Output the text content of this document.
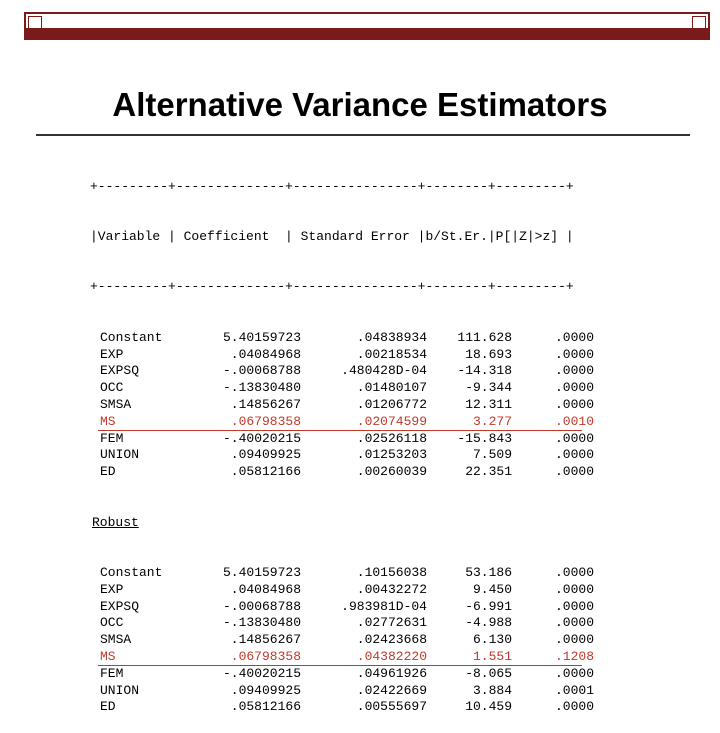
Alternative Variance Estimators

+---------+--------------+----------------+--------+---------+

|Variable | Coefficient  | Standard Error |b/St.Er.|P[|Z|>z] |

+---------+--------------+----------------+--------+---------+

Constant	5.40159723	.04838934 111.628	.0000
EXP	.04084968	.00218534	18.693	.0000
EXPSQ	-.00068788	.480428D-04 -14.318	.0000
OCC	-.13830480	.01480107	-9.344	.0000
SMSA	.14856267	.01206772	12.311	.0000
MS	.06798358	.02074599	3.277	.0010
FEM	-.40020215	.02526118 -15.843	.0000
UNION	.09409925	.01253203	7.509	.0000
ED	.05812166	.00260039	22.351	.0000

Robust

Constant	5.40159723	.10156038	53.186	.0000
EXP	.04084968	.00432272	9.450	.0000
EXPSQ	-.00068788	.983981D-04	-6.991	.0000
OCC	-.13830480	.02772631	-4.988	.0000
SMSA	.14856267	.02423668	6.130	.0000
MS	.06798358	.04382220	1.551	.1208
FEM	-.40020215	.04961926	-8.065	.0000
UNION	.09409925	.02422669	3.884	.0001
ED	.05812166	.00555697	10.459	.0000
